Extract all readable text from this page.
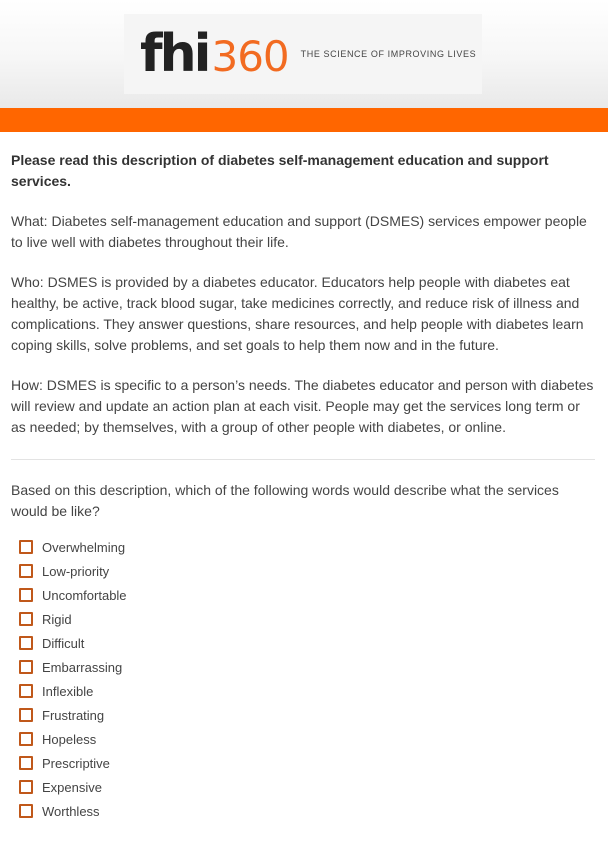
fhi 360 THE SCIENCE OF IMPROVING LIVES

Please read this description of diabetes self-management education and support services.

What: Diabetes self-management education and support (DSMES) services empower people to live well with diabetes throughout their life.

Who: DSMES is provided by a diabetes educator. Educators help people with diabetes eat healthy, be active, track blood sugar, take medicines correctly, and reduce risk of illness and complications. They answer questions, share resources, and help people with diabetes learn coping skills, solve problems, and set goals to help them now and in the future.

How: DSMES is specific to a person’s needs. The diabetes educator and person with diabetes will review and update an action plan at each visit. People may get the services long term or as needed; by themselves, with a group of other people with diabetes, or online.

Based on this description, which of the following words would describe what the services would be like?

Overwhelming
Low-priority
Uncomfortable
Rigid
Difficult
Embarrassing
Inflexible
Frustrating
Hopeless
Prescriptive
Expensive
Worthless
